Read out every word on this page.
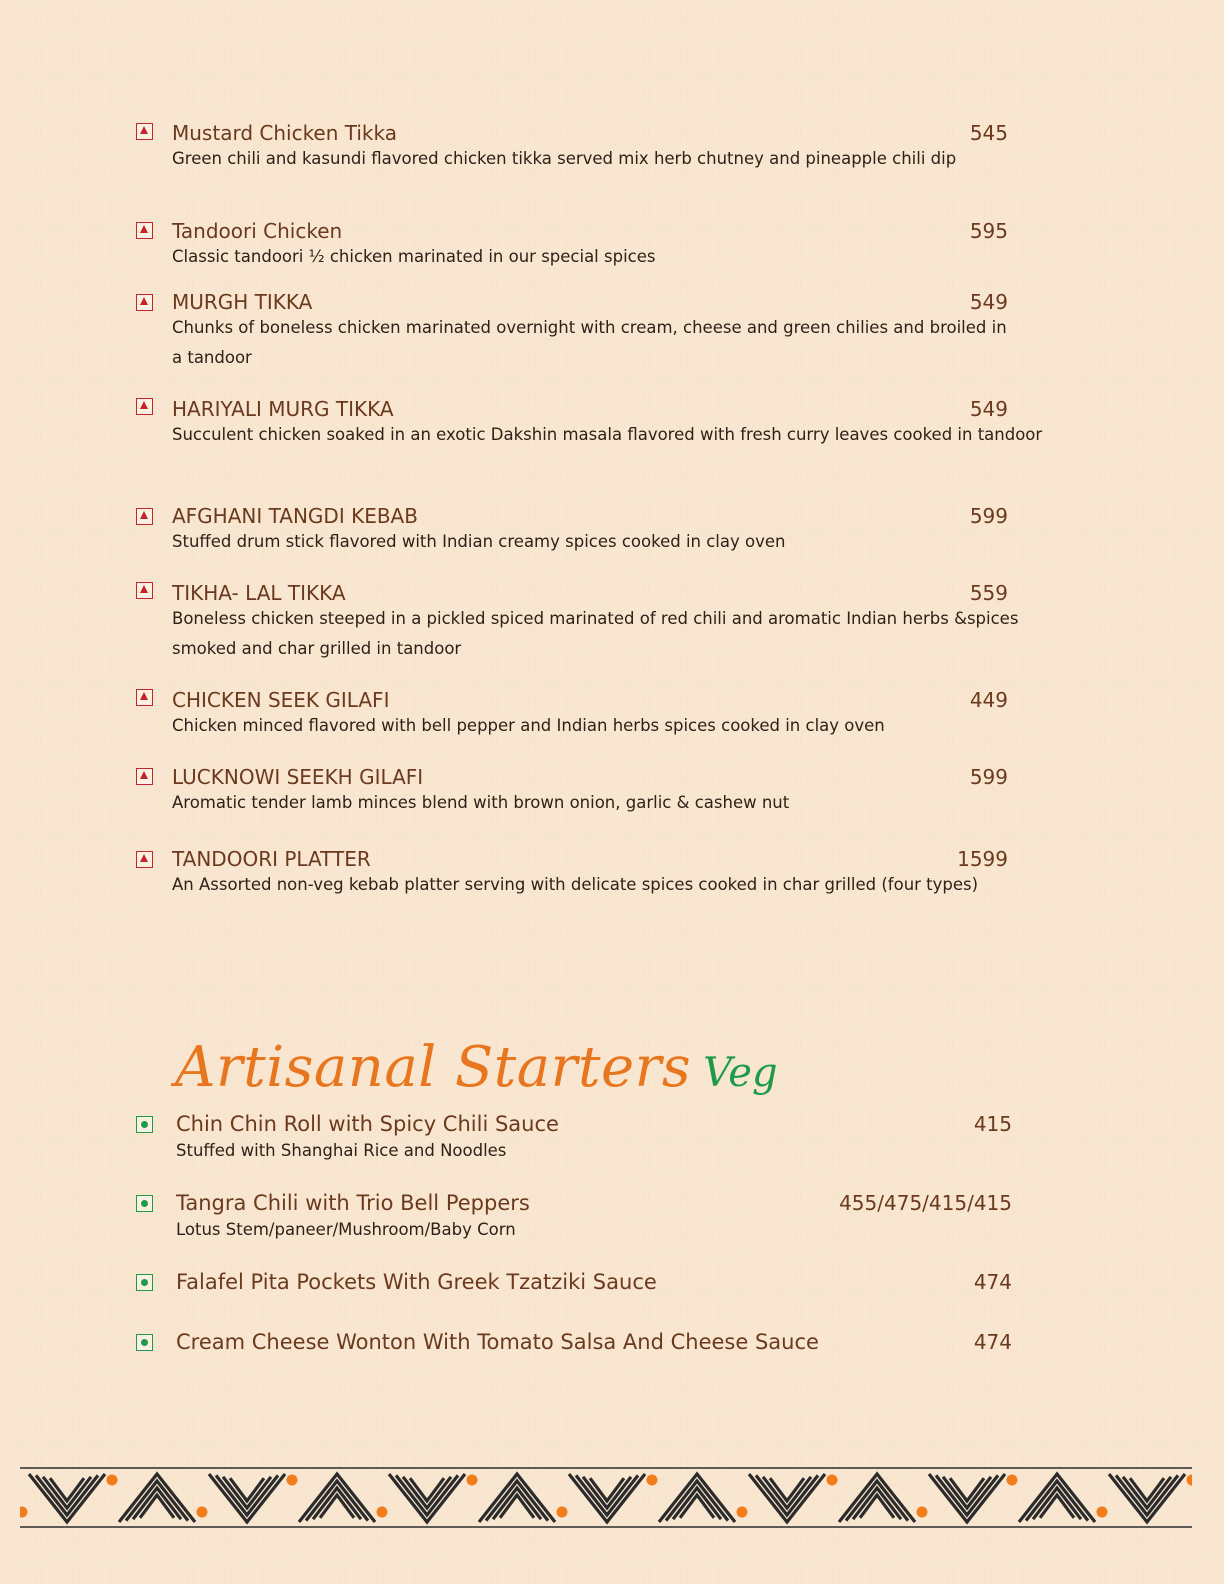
Mustard Chicken Tikka	545
Green chili and kasundi flavored chicken tikka served mix herb chutney and pineapple chili dip
Tandoori Chicken	595
Classic tandoori ½ chicken marinated in our special spices
MURGH TIKKA	549
Chunks of boneless chicken marinated overnight with cream, cheese and green chilies and broiled in a tandoor
HARIYALI MURG TIKKA	549
Succulent chicken soaked in an exotic Dakshin masala flavored with fresh curry leaves cooked in tandoor
AFGHANI TANGDI KEBAB	599
Stuffed drum stick flavored with Indian creamy spices cooked in clay oven
TIKHA- LAL TIKKA	559
Boneless chicken steeped in a pickled spiced marinated of red chili and aromatic Indian herbs &spices smoked and char grilled in tandoor
CHICKEN SEEK GILAFI	449
Chicken minced flavored with bell pepper and Indian herbs spices cooked in clay oven
LUCKNOWI SEEKH GILAFI	599
Aromatic tender lamb minces blend with brown onion, garlic & cashew nut
TANDOORI PLATTER	1599
An Assorted non-veg kebab platter serving with delicate spices cooked in char grilled (four types)
Artisanal Starters Veg
Chin Chin Roll with Spicy Chili Sauce	415
Stuffed with Shanghai Rice and Noodles
Tangra Chili with Trio Bell Peppers	455/475/415/415
Lotus Stem/paneer/Mushroom/Baby Corn
Falafel Pita Pockets With Greek Tzatziki Sauce	474
Cream Cheese Wonton With Tomato Salsa And Cheese Sauce	474
